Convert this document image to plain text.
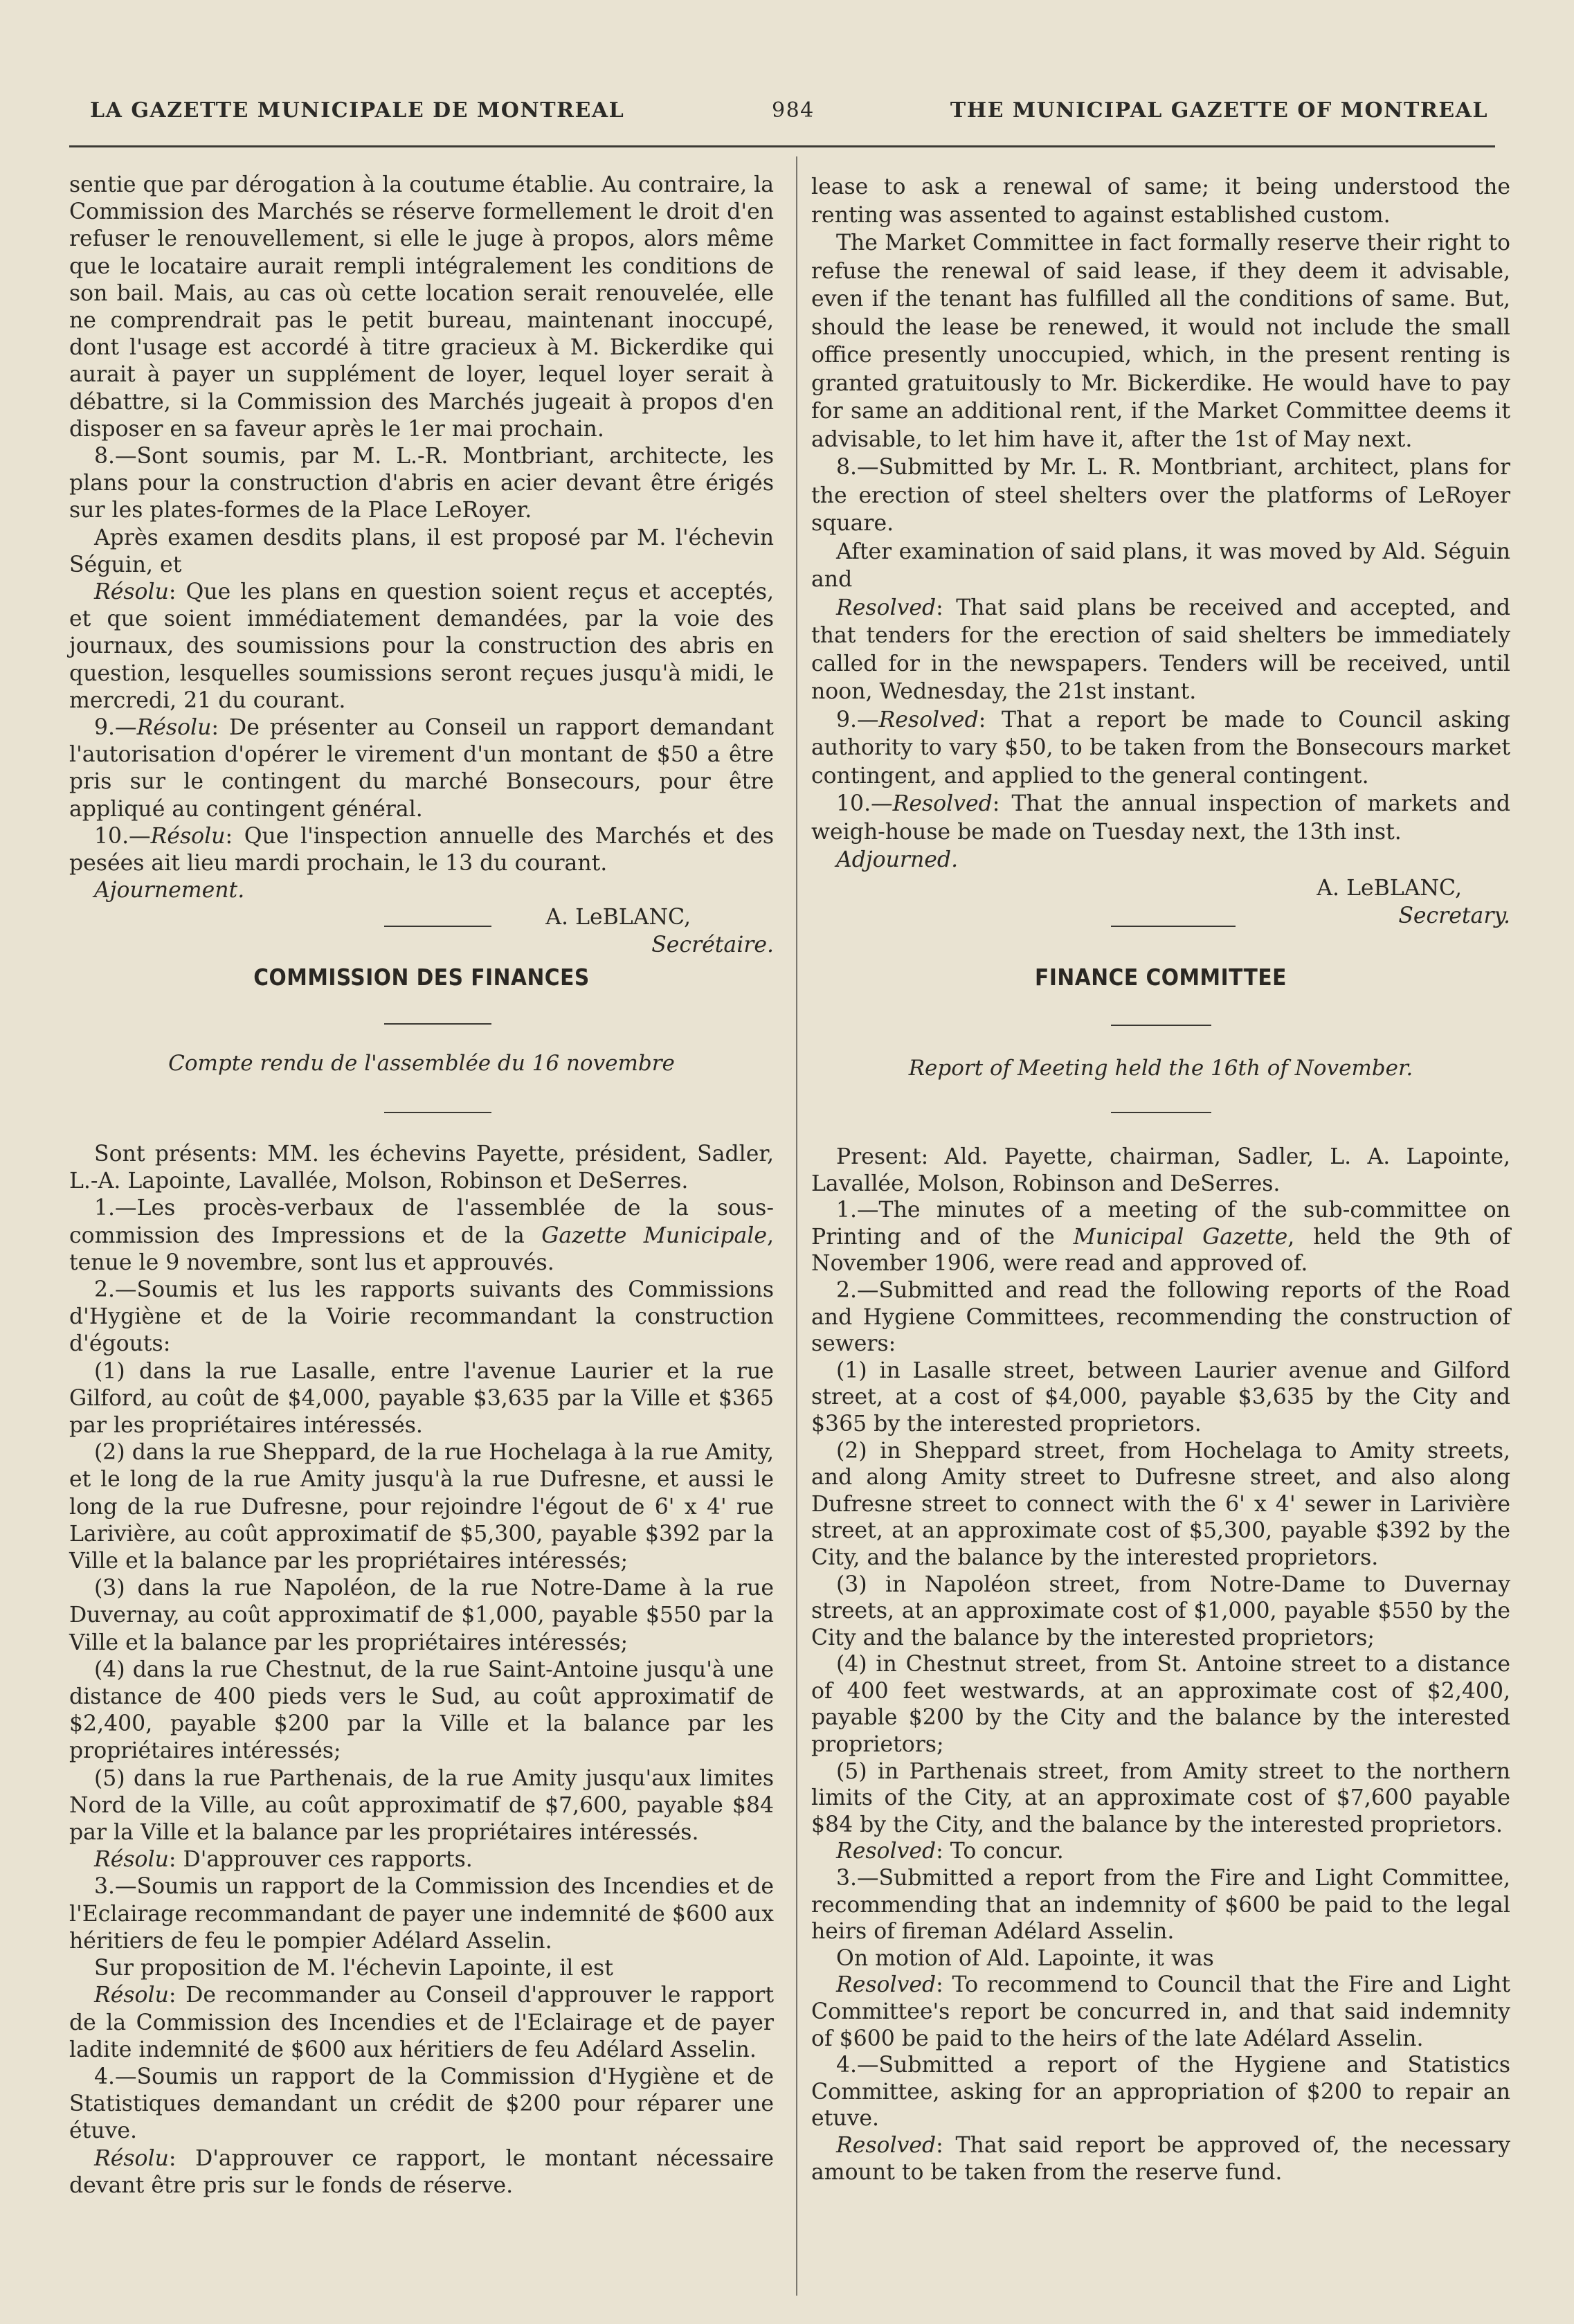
LA GAZETTE MUNICIPALE DE MONTREAL	984	THE MUNICIPAL GAZETTE OF MONTREAL

sentie que par dérogation à la coutume établie. Au contraire, la Commission des Marchés se réserve formellement le droit d'en refuser le renouvellement, si elle le juge à propos, alors même que le locataire aurait rempli intégralement les conditions de son bail. Mais, au cas où cette location serait renouvelée, elle ne comprendrait pas le petit bureau, maintenant inoccupé, dont l'usage est accordé à titre gracieux à M. Bickerdike qui aurait à payer un supplément de loyer, lequel loyer serait à débattre, si la Commission des Marchés jugeait à propos d'en disposer en sa faveur après le 1er mai prochain.

8.—Sont soumis, par M. L.-R. Montbriant, architecte, les plans pour la construction d'abris en acier devant être érigés sur les plates-formes de la Place LeRoyer.

Après examen desdits plans, il est proposé par M. l'échevin Séguin, et

Résolu: Que les plans en question soient reçus et acceptés, et que soient immédiatement demandées, par la voie des journaux, des soumissions pour la construction des abris en question, lesquelles soumissions seront reçues jusqu'à midi, le mercredi, 21 du courant.

9.—Résolu: De présenter au Conseil un rapport demandant l'autorisation d'opérer le virement d'un montant de $50 a être pris sur le contingent du marché Bonsecours, pour être appliqué au contingent général.

10.—Résolu: Que l'inspection annuelle des Marchés et des pesées ait lieu mardi prochain, le 13 du courant.

Ajournement.

A. LeBLANC,

Secrétaire.

COMMISSION DES FINANCES
Compte rendu de l'assemblée du 16 novembre

Sont présents: MM. les échevins Payette, président, Sadler, L.-A. Lapointe, Lavallée, Molson, Robinson et DeSerres.

1.—Les procès-verbaux de l'assemblée de la sous-commission des Impressions et de la Gazette Municipale, tenue le 9 novembre, sont lus et approuvés.

2.—Soumis et lus les rapports suivants des Commissions d'Hygiène et de la Voirie recommandant la construction d'égouts:

(1) dans la rue Lasalle, entre l'avenue Laurier et la rue Gilford, au coût de $4,000, payable $3,635 par la Ville et $365 par les propriétaires intéressés.

(2) dans la rue Sheppard, de la rue Hochelaga à la rue Amity, et le long de la rue Amity jusqu'à la rue Dufresne, et aussi le long de la rue Dufresne, pour rejoindre l'égout de 6' x 4' rue Larivière, au coût approximatif de $5,300, payable $392 par la Ville et la balance par les propriétaires intéressés;

(3) dans la rue Napoléon, de la rue Notre-Dame à la rue Duvernay, au coût approximatif de $1,000, payable $550 par la Ville et la balance par les propriétaires intéressés;

(4) dans la rue Chestnut, de la rue Saint-Antoine jusqu'à une distance de 400 pieds vers le Sud, au coût approximatif de $2,400, payable $200 par la Ville et la balance par les propriétaires intéressés;

(5) dans la rue Parthenais, de la rue Amity jusqu'aux limites Nord de la Ville, au coût approximatif de $7,600, payable $84 par la Ville et la balance par les propriétaires intéressés.

Résolu: D'approuver ces rapports.

3.—Soumis un rapport de la Commission des Incendies et de l'Eclairage recommandant de payer une indemnité de $600 aux héritiers de feu le pompier Adélard Asselin.

Sur proposition de M. l'échevin Lapointe, il est

Résolu: De recommander au Conseil d'approuver le rapport de la Commission des Incendies et de l'Eclairage et de payer ladite indemnité de $600 aux héritiers de feu Adélard Asselin.

4.—Soumis un rapport de la Commission d'Hygiène et de Statistiques demandant un crédit de $200 pour réparer une étuve.

Résolu: D'approuver ce rapport, le montant nécessaire devant être pris sur le fonds de réserve.

lease to ask a renewal of same; it being understood the renting was assented to against established custom.

The Market Committee in fact formally reserve their right to refuse the renewal of said lease, if they deem it advisable, even if the tenant has fulfilled all the conditions of same. But, should the lease be renewed, it would not include the small office presently unoccupied, which, in the present renting is granted gratuitously to Mr. Bickerdike. He would have to pay for same an additional rent, if the Market Committee deems it advisable, to let him have it, after the 1st of May next.

8.—Submitted by Mr. L. R. Montbriant, architect, plans for the erection of steel shelters over the platforms of LeRoyer square.

After examination of said plans, it was moved by Ald. Séguin and

Resolved: That said plans be received and accepted, and that tenders for the erection of said shelters be immediately called for in the newspapers. Tenders will be received, until noon, Wednesday, the 21st instant.

9.—Resolved: That a report be made to Council asking authority to vary $50, to be taken from the Bonsecours market contingent, and applied to the general contingent.

10.—Resolved: That the annual inspection of markets and weigh-house be made on Tuesday next, the 13th inst.

Adjourned.

A. LeBLANC,

Secretary.

FINANCE COMMITTEE
Report of Meeting held the 16th of November.

Present: Ald. Payette, chairman, Sadler, L. A. Lapointe, Lavallée, Molson, Robinson and DeSerres.

1.—The minutes of a meeting of the sub-committee on Printing and of the Municipal Gazette, held the 9th of November 1906, were read and approved of.

2.—Submitted and read the following reports of the Road and Hygiene Committees, recommending the construction of sewers:

(1) in Lasalle street, between Laurier avenue and Gilford street, at a cost of $4,000, payable $3,635 by the City and $365 by the interested proprietors.

(2) in Sheppard street, from Hochelaga to Amity streets, and along Amity street to Dufresne street, and also along Dufresne street to connect with the 6' x 4' sewer in Larivière street, at an approximate cost of $5,300, payable $392 by the City, and the balance by the interested proprietors.

(3) in Napoléon street, from Notre-Dame to Duvernay streets, at an approximate cost of $1,000, payable $550 by the City and the balance by the interested proprietors;

(4) in Chestnut street, from St. Antoine street to a distance of 400 feet westwards, at an approximate cost of $2,400, payable $200 by the City and the balance by the interested proprietors;

(5) in Parthenais street, from Amity street to the northern limits of the City, at an approximate cost of $7,600 payable $84 by the City, and the balance by the interested proprietors.

Resolved: To concur.

3.—Submitted a report from the Fire and Light Committee, recommending that an indemnity of $600 be paid to the legal heirs of fireman Adélard Asselin.

On motion of Ald. Lapointe, it was

Resolved: To recommend to Council that the Fire and Light Committee's report be concurred in, and that said indemnity of $600 be paid to the heirs of the late Adélard Asselin.

4.—Submitted a report of the Hygiene and Statistics Committee, asking for an appropriation of $200 to repair an etuve.

Resolved: That said report be approved of, the necessary amount to be taken from the reserve fund.
